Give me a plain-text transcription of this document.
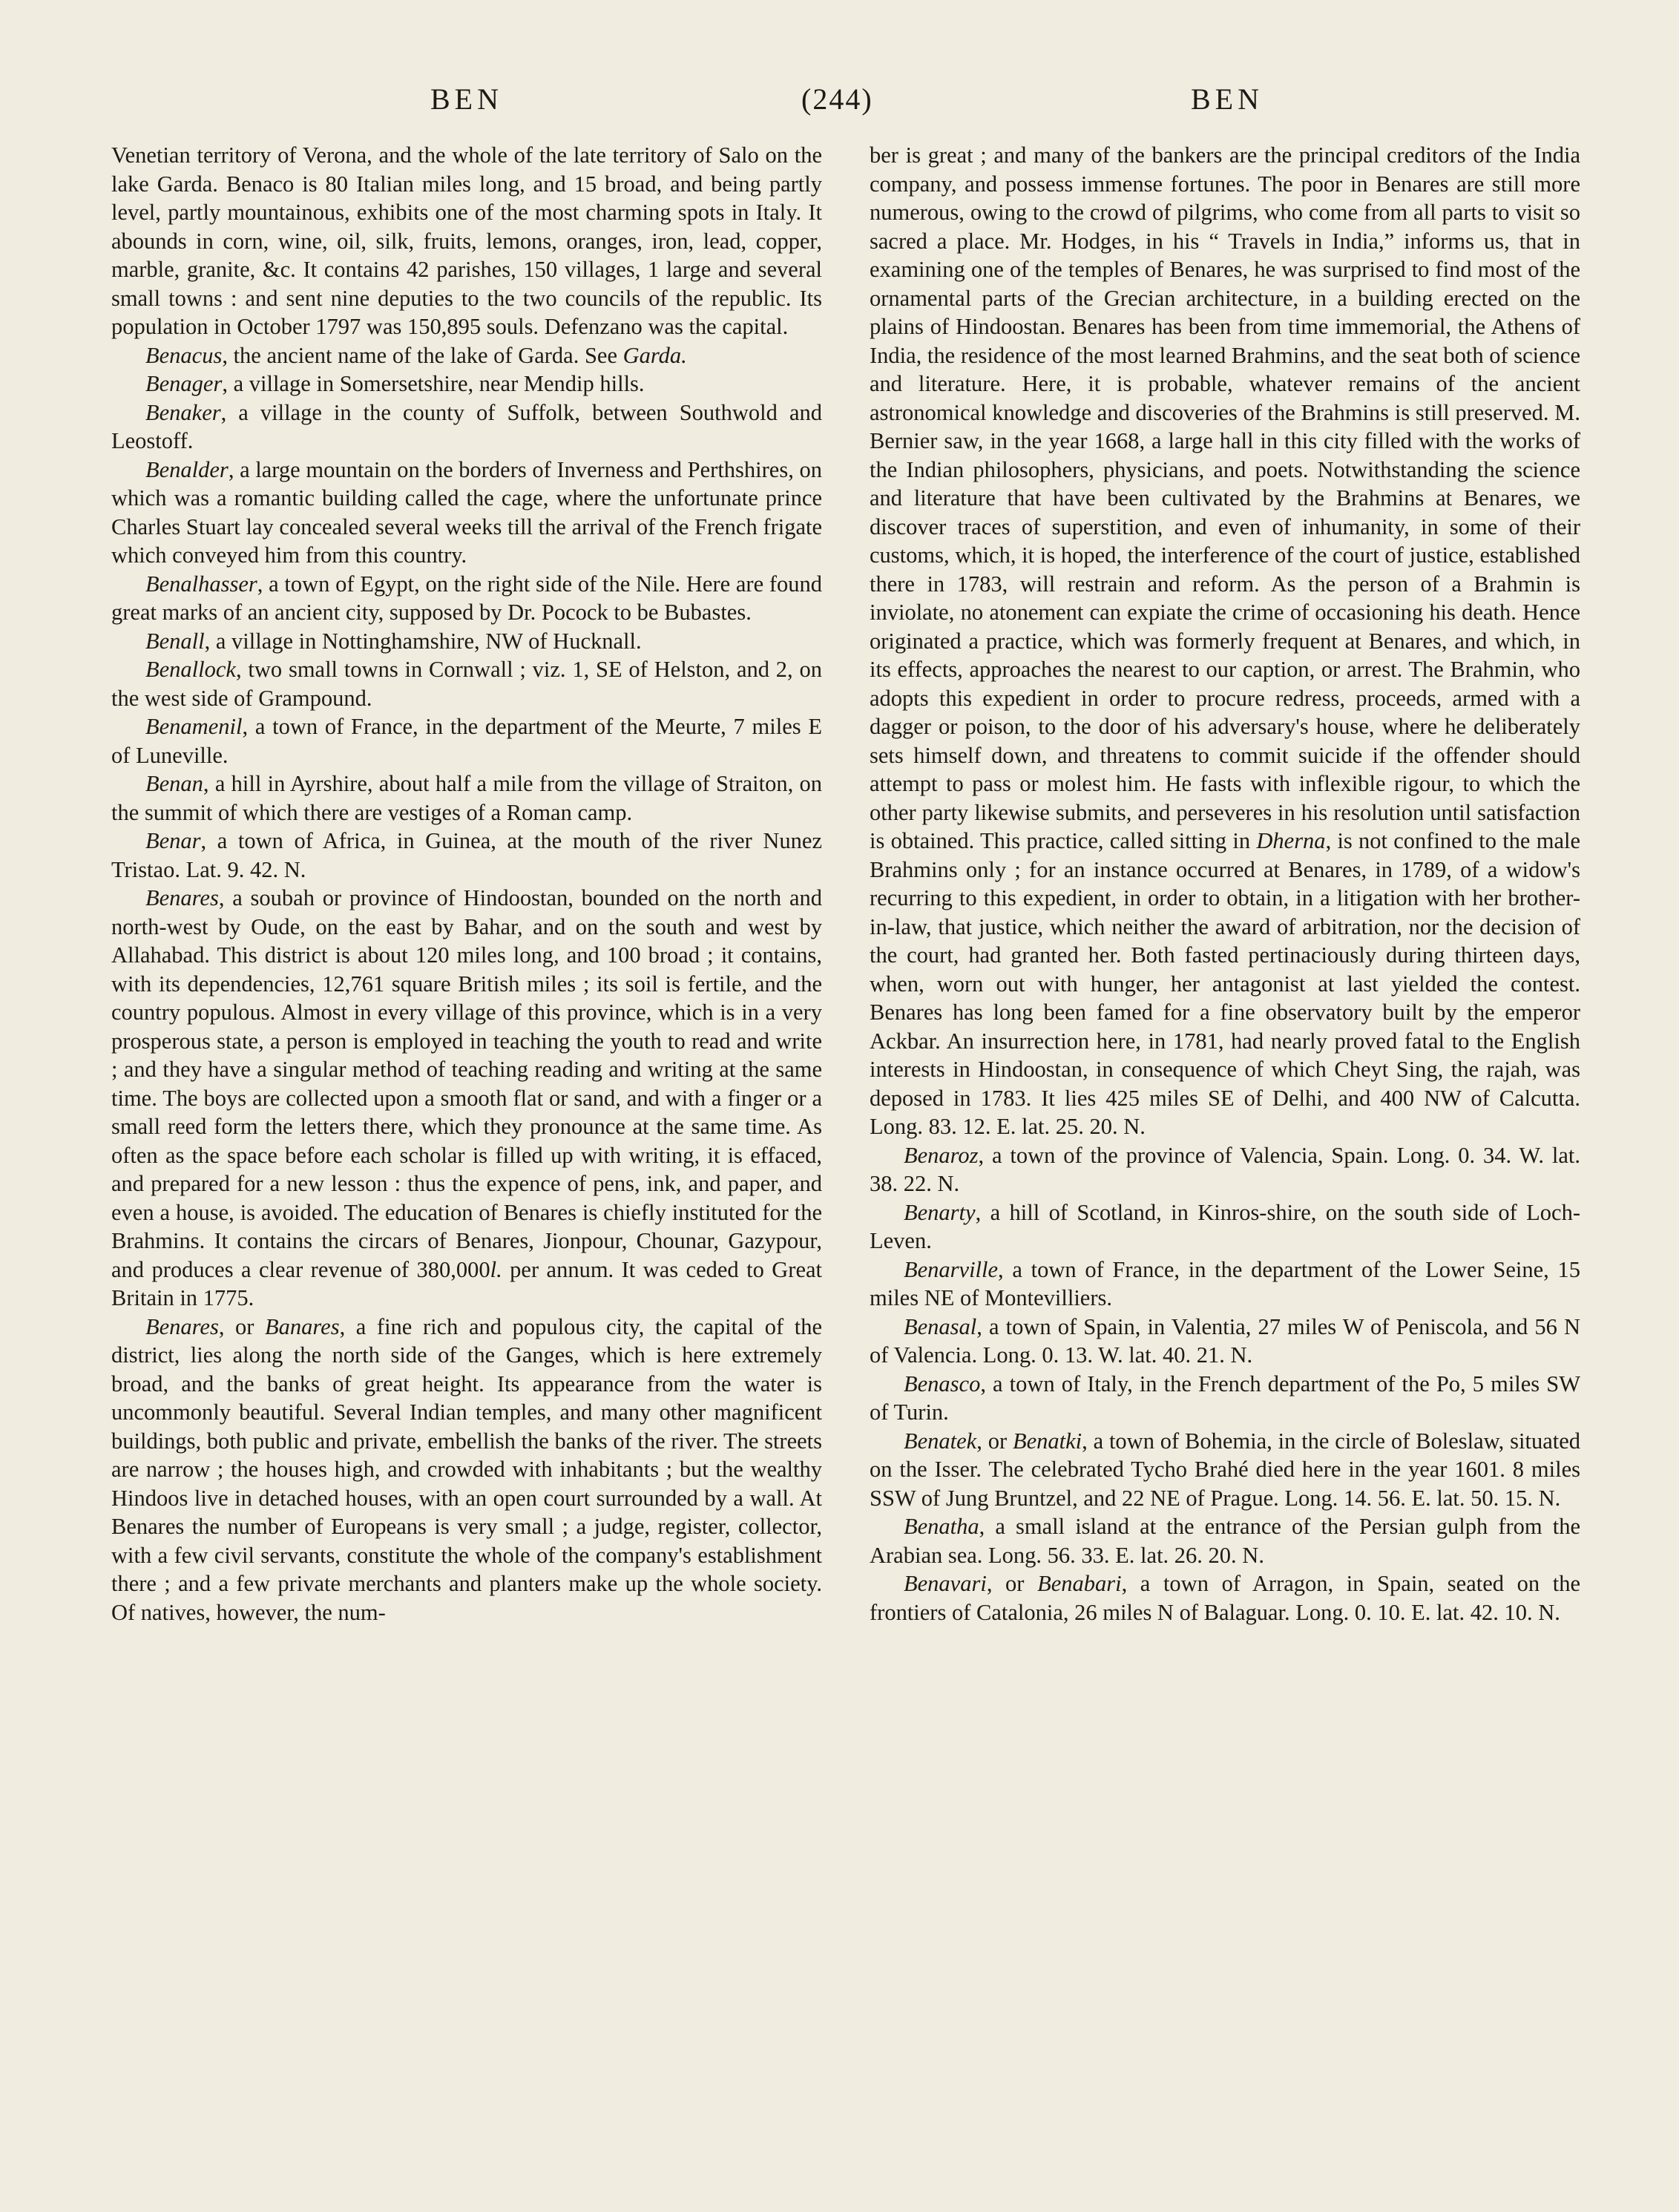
BEN	(244)	BEN

Venetian territory of Verona, and the whole of the late territory of Salo on the lake Garda. Benaco is 80 Italian miles long, and 15 broad, and being partly level, partly mountainous, exhibits one of the most charming spots in Italy. It abounds in corn, wine, oil, silk, fruits, lemons, oranges, iron, lead, copper, marble, granite, &c. It contains 42 parishes, 150 villages, 1 large and several small towns : and sent nine deputies to the two councils of the republic. Its population in October 1797 was 150,895 souls. Defenzano was the capital.

Benacus, the ancient name of the lake of Garda. See Garda.

Benager, a village in Somersetshire, near Mendip hills.

Benaker, a village in the county of Suffolk, between Southwold and Leostoff.

Benalder, a large mountain on the borders of Inverness and Perthshires, on which was a romantic building called the cage, where the unfortunate prince Charles Stuart lay concealed several weeks till the arrival of the French frigate which conveyed him from this country.

Benalhasser, a town of Egypt, on the right side of the Nile. Here are found great marks of an ancient city, supposed by Dr. Pocock to be Bubastes.

Benall, a village in Nottinghamshire, NW of Hucknall.

Benallock, two small towns in Cornwall ; viz. 1, SE of Helston, and 2, on the west side of Grampound.

Benamenil, a town of France, in the department of the Meurte, 7 miles E of Luneville.

Benan, a hill in Ayrshire, about half a mile from the village of Straiton, on the summit of which there are vestiges of a Roman camp.

Benar, a town of Africa, in Guinea, at the mouth of the river Nunez Tristao. Lat. 9. 42. N.

Benares, a soubah or province of Hindoostan, bounded on the north and north-west by Oude, on the east by Bahar, and on the south and west by Allahabad. This district is about 120 miles long, and 100 broad ; it contains, with its dependencies, 12,761 square British miles ; its soil is fertile, and the country populous. Almost in every village of this province, which is in a very prosperous state, a person is employed in teaching the youth to read and write ; and they have a singular method of teaching reading and writing at the same time. The boys are collected upon a smooth flat or sand, and with a finger or a small reed form the letters there, which they pronounce at the same time. As often as the space before each scholar is filled up with writing, it is effaced, and prepared for a new lesson : thus the expence of pens, ink, and paper, and even a house, is avoided. The education of Benares is chiefly instituted for the Brahmins. It contains the circars of Benares, Jionpour, Chounar, Gazypour, and produces a clear revenue of 380,000l. per annum. It was ceded to Great Britain in 1775.

Benares, or Banares, a fine rich and populous city, the capital of the district, lies along the north side of the Ganges, which is here extremely broad, and the banks of great height. Its appearance from the water is uncommonly beautiful. Several Indian temples, and many other magnificent buildings, both public and private, embellish the banks of the river. The streets are narrow ; the houses high, and crowded with inhabitants ; but the wealthy Hindoos live in detached houses, with an open court surrounded by a wall. At Benares the number of Europeans is very small ; a judge, register, collector, with a few civil servants, constitute the whole of the company's establishment there ; and a few private merchants and planters make up the whole society. Of natives, however, the num-

ber is great ; and many of the bankers are the principal creditors of the India company, and possess immense fortunes. The poor in Benares are still more numerous, owing to the crowd of pilgrims, who come from all parts to visit so sacred a place. Mr. Hodges, in his “ Travels in India,” informs us, that in examining one of the temples of Benares, he was surprised to find most of the ornamental parts of the Grecian architecture, in a building erected on the plains of Hindoostan. Benares has been from time immemorial, the Athens of India, the residence of the most learned Brahmins, and the seat both of science and literature. Here, it is probable, whatever remains of the ancient astronomical knowledge and discoveries of the Brahmins is still preserved. M. Bernier saw, in the year 1668, a large hall in this city filled with the works of the Indian philosophers, physicians, and poets. Notwithstanding the science and literature that have been cultivated by the Brahmins at Benares, we discover traces of superstition, and even of inhumanity, in some of their customs, which, it is hoped, the interference of the court of justice, established there in 1783, will restrain and reform. As the person of a Brahmin is inviolate, no atonement can expiate the crime of occasioning his death. Hence originated a practice, which was formerly frequent at Benares, and which, in its effects, approaches the nearest to our caption, or arrest. The Brahmin, who adopts this expedient in order to procure redress, proceeds, armed with a dagger or poison, to the door of his adversary's house, where he deliberately sets himself down, and threatens to commit suicide if the offender should attempt to pass or molest him. He fasts with inflexible rigour, to which the other party likewise submits, and perseveres in his resolution until satisfaction is obtained. This practice, called sitting in Dherna, is not confined to the male Brahmins only ; for an instance occurred at Benares, in 1789, of a widow's recurring to this expedient, in order to obtain, in a litigation with her brother-in-law, that justice, which neither the award of arbitration, nor the decision of the court, had granted her. Both fasted pertinaciously during thirteen days, when, worn out with hunger, her antagonist at last yielded the contest. Benares has long been famed for a fine observatory built by the emperor Ackbar. An insurrection here, in 1781, had nearly proved fatal to the English interests in Hindoostan, in consequence of which Cheyt Sing, the rajah, was deposed in 1783. It lies 425 miles SE of Delhi, and 400 NW of Calcutta. Long. 83. 12. E. lat. 25. 20. N.

Benaroz, a town of the province of Valencia, Spain. Long. 0. 34. W. lat. 38. 22. N.

Benarty, a hill of Scotland, in Kinros-shire, on the south side of Loch-Leven.

Benarville, a town of France, in the department of the Lower Seine, 15 miles NE of Montevilliers.

Benasal, a town of Spain, in Valentia, 27 miles W of Peniscola, and 56 N of Valencia. Long. 0. 13. W. lat. 40. 21. N.

Benasco, a town of Italy, in the French department of the Po, 5 miles SW of Turin.

Benatek, or Benatki, a town of Bohemia, in the circle of Boleslaw, situated on the Isser. The celebrated Tycho Brahé died here in the year 1601. 8 miles SSW of Jung Bruntzel, and 22 NE of Prague. Long. 14. 56. E. lat. 50. 15. N.

Benatha, a small island at the entrance of the Persian gulph from the Arabian sea. Long. 56. 33. E. lat. 26. 20. N.

Benavari, or Benabari, a town of Arragon, in Spain, seated on the frontiers of Catalonia, 26 miles N of Balaguar. Long. 0. 10. E. lat. 42. 10. N.
